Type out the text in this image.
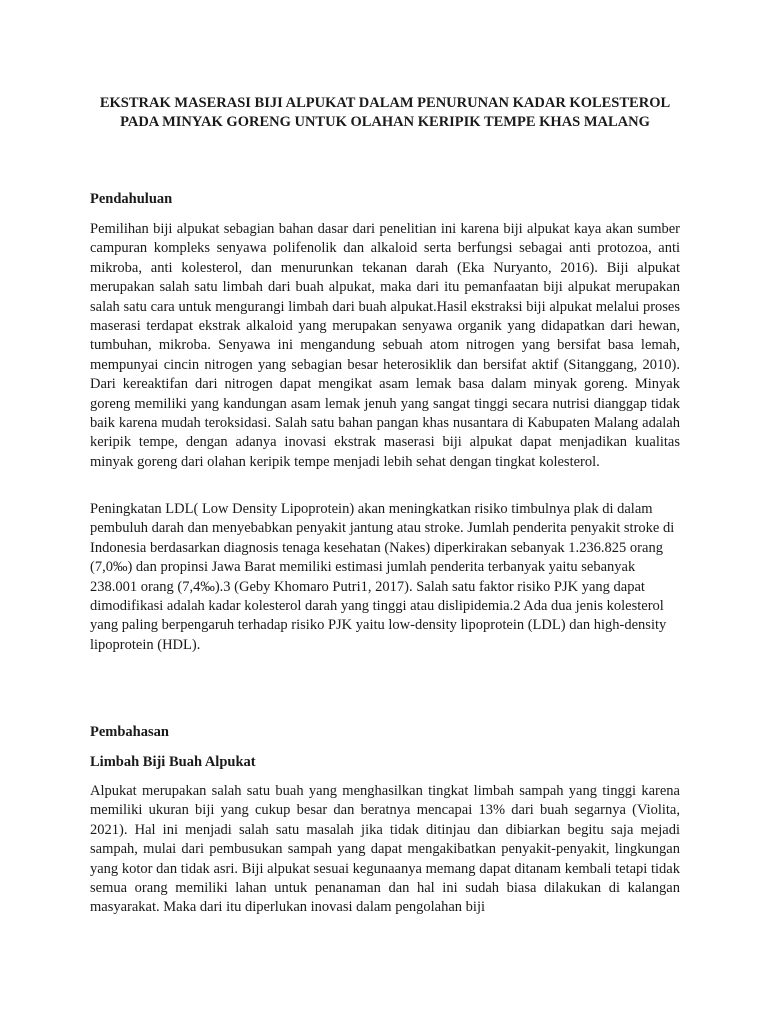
EKSTRAK MASERASI BIJI ALPUKAT DALAM PENURUNAN KADAR KOLESTEROL PADA MINYAK GORENG UNTUK OLAHAN KERIPIK TEMPE KHAS MALANG
Pendahuluan

Pemilihan biji alpukat sebagian bahan dasar dari penelitian ini karena biji alpukat kaya akan sumber campuran kompleks senyawa polifenolik dan alkaloid serta berfungsi sebagai anti protozoa, anti mikroba, anti kolesterol, dan menurunkan tekanan darah (Eka Nuryanto, 2016). Biji alpukat merupakan salah satu limbah dari buah alpukat, maka dari itu pemanfaatan biji alpukat merupakan salah satu cara untuk mengurangi limbah dari buah alpukat.Hasil ekstraksi biji alpukat melalui proses maserasi terdapat ekstrak alkaloid yang merupakan senyawa organik yang didapatkan dari hewan, tumbuhan, mikroba. Senyawa ini mengandung sebuah atom nitrogen yang bersifat basa lemah, mempunyai cincin nitrogen yang sebagian besar heterosiklik dan bersifat aktif (Sitanggang, 2010). Dari kereaktifan dari nitrogen dapat mengikat asam lemak basa dalam minyak goreng. Minyak goreng memiliki yang kandungan asam lemak jenuh yang sangat tinggi secara nutrisi dianggap tidak baik karena mudah teroksidasi. Salah satu bahan pangan khas nusantara di Kabupaten Malang adalah keripik tempe, dengan adanya inovasi ekstrak maserasi biji alpukat dapat menjadikan kualitas minyak goreng dari olahan keripik tempe menjadi lebih sehat dengan tingkat kolesterol.

Peningkatan LDL( Low Density Lipoprotein) akan meningkatkan risiko timbulnya plak di dalam pembuluh darah dan menyebabkan penyakit jantung atau stroke. Jumlah penderita penyakit stroke di Indonesia berdasarkan diagnosis tenaga kesehatan (Nakes) diperkirakan sebanyak 1.236.825 orang (7,0‰) dan propinsi Jawa Barat memiliki estimasi jumlah penderita terbanyak yaitu sebanyak 238.001 orang (7,4‰).3 (Geby Khomaro Putri1, 2017). Salah satu faktor risiko PJK yang dapat dimodifikasi adalah kadar kolesterol darah yang tinggi atau dislipidemia.2 Ada dua jenis kolesterol yang paling berpengaruh terhadap risiko PJK yaitu low-density lipoprotein (LDL) dan high-density lipoprotein (HDL).

Pembahasan
Limbah Biji Buah Alpukat

Alpukat merupakan salah satu buah yang menghasilkan tingkat limbah sampah yang tinggi karena memiliki ukuran biji yang cukup besar dan beratnya mencapai 13% dari buah segarnya (Violita, 2021). Hal ini menjadi salah satu masalah jika tidak ditinjau dan dibiarkan begitu saja mejadi sampah, mulai dari pembusukan sampah yang dapat mengakibatkan penyakit-penyakit, lingkungan yang kotor dan tidak asri. Biji alpukat sesuai kegunaanya memang dapat ditanam kembali tetapi tidak semua orang memiliki lahan untuk penanaman dan hal ini sudah biasa dilakukan di kalangan masyarakat. Maka dari itu diperlukan inovasi dalam pengolahan biji
